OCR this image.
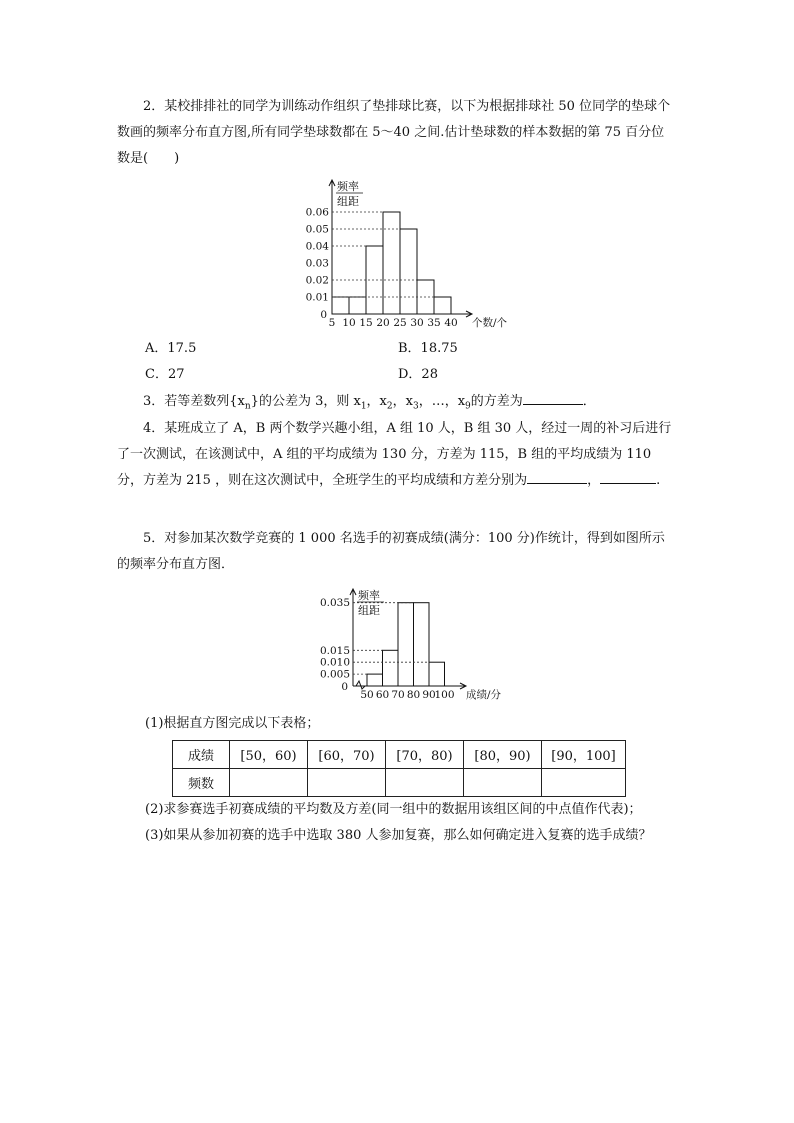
2．某校排排社的同学为训练动作组织了垫排球比赛，以下为根据排球社 50 位同学的垫球个数画的频率分布直方图,所有同学垫球数都在 5～40 之间.估计垫球数的样本数据的第 75 百分位数是(　　)
频率
组距
0.01
0.02
0.03
0.04
0.05
0.06
0
5 10 15 20 25 30 35 40 个数/个
A．17.5	B．18.75
C．27	D．28
3．若等差数列$\{x_n\}$的公差为 3，则 $x_1$，$x_2$，$x_3$，…，$x_9$的方差为	．
4．某班成立了 A，B 两个数学兴趣小组，A 组 10 人，B 组 30 人，经过一周的补习后进行了一次测试，在该测试中，A 组的平均成绩为 130 分，方差为 115，B 组的平均成绩为 110 分，方差为 215 ，则在这次测试中，全班学生的平均成绩和方差分别为	，	.
5．对参加某次数学竞赛的 1 000 名选手的初赛成绩(满分：100 分)作统计，得到如图所示的频率分布直方图．
频率
组距
0.005
0.010
0.015
0.035
0
50 60 70 80 90
100 成绩/分
(1)根据直方图完成以下表格；
成绩	[50，60)	[60，70)	[70，80)	[80，90)	[90，100]
频数					
(2)求参赛选手初赛成绩的平均数及方差(同一组中的数据用该组区间的中点值作代表)；
(3)如果从参加初赛的选手中选取 380 人参加复赛，那么如何确定进入复赛的选手成绩？
